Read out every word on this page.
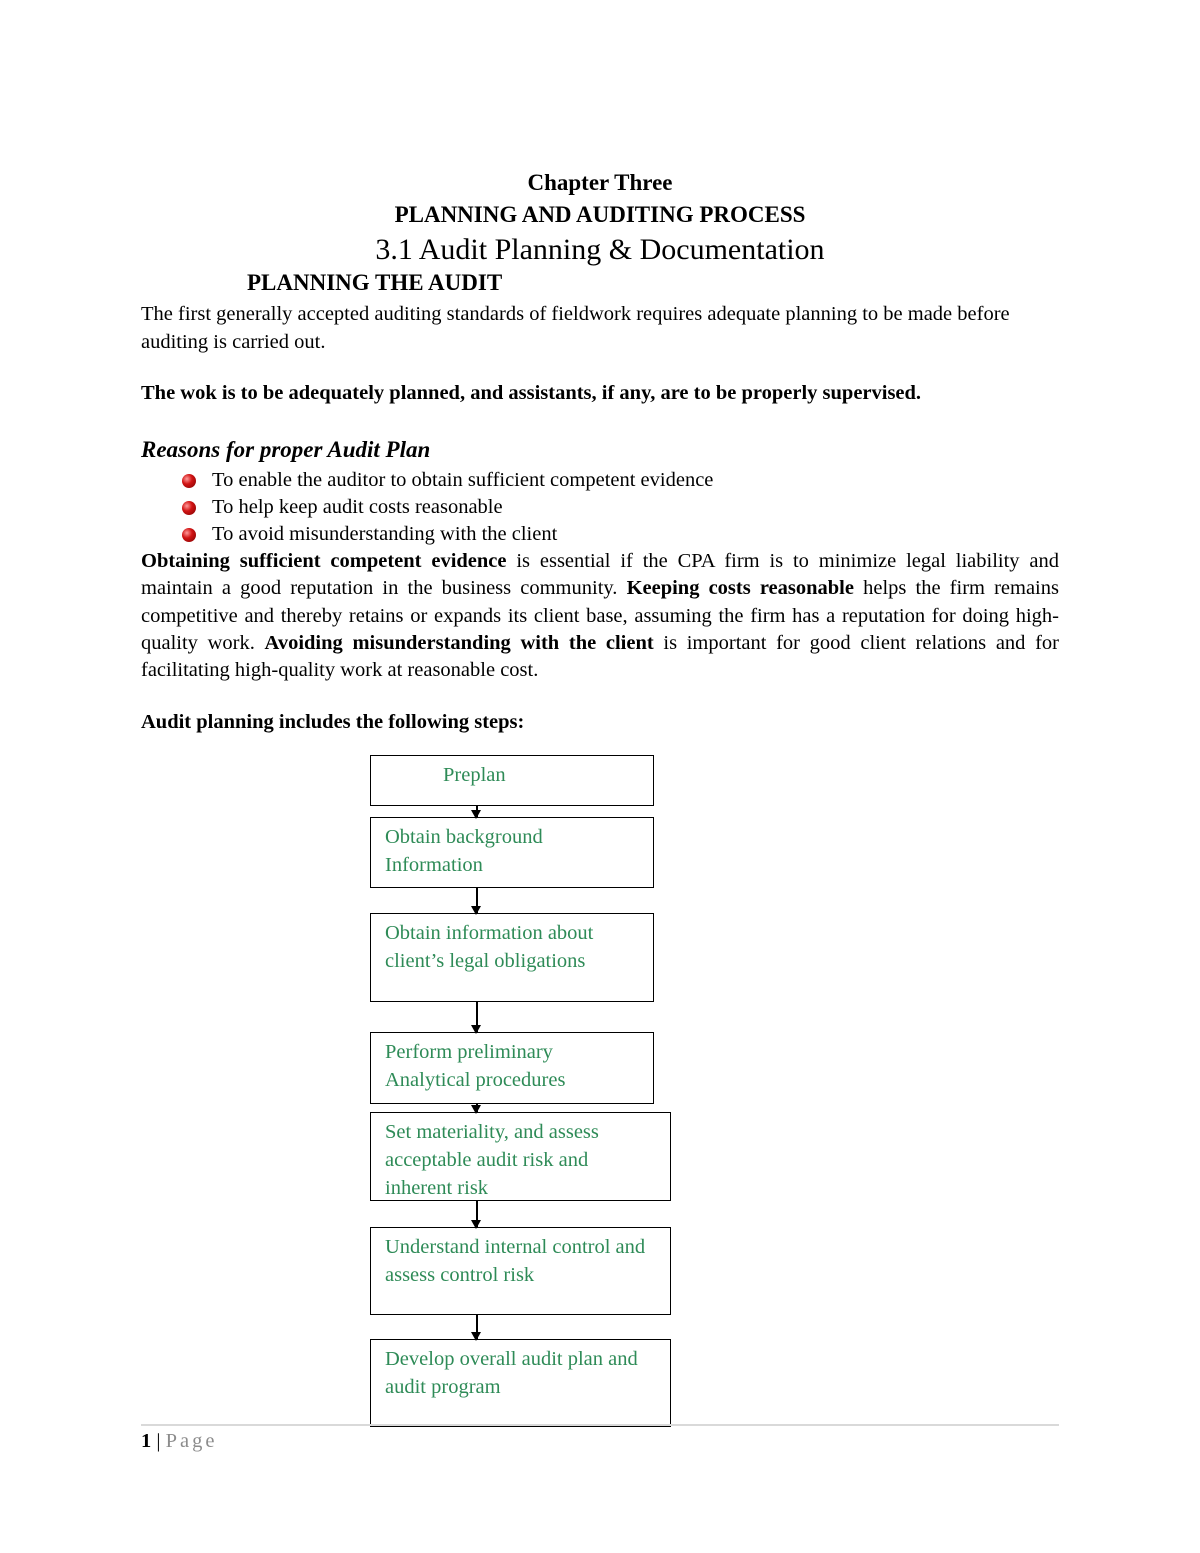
Chapter Three
PLANNING AND AUDITING PROCESS
3.1 Audit Planning & Documentation
PLANNING THE AUDIT
The first generally accepted auditing standards of fieldwork requires adequate planning to be made before auditing is carried out.
The wok is to be adequately planned, and assistants, if any, are to be properly supervised.
Reasons for proper Audit Plan
To enable the auditor to obtain sufficient competent evidence
To help keep audit costs reasonable
To avoid misunderstanding with the client
Obtaining sufficient competent evidence is essential if the CPA firm is to minimize legal liability and maintain a good reputation in the business community. Keeping costs reasonable helps the firm remains competitive and thereby retains or expands its client base, assuming the firm has a reputation for doing high-quality work. Avoiding misunderstanding with the client is important for good client relations and for facilitating high-quality work at reasonable cost.
Audit planning includes the following steps:
Preplan
Obtain background Information
Obtain information about client’s legal obligations
Perform preliminary Analytical procedures
Set materiality, and assess acceptable audit risk and inherent risk
Understand internal control and assess control risk
Develop overall audit plan and audit program
1 | Page
